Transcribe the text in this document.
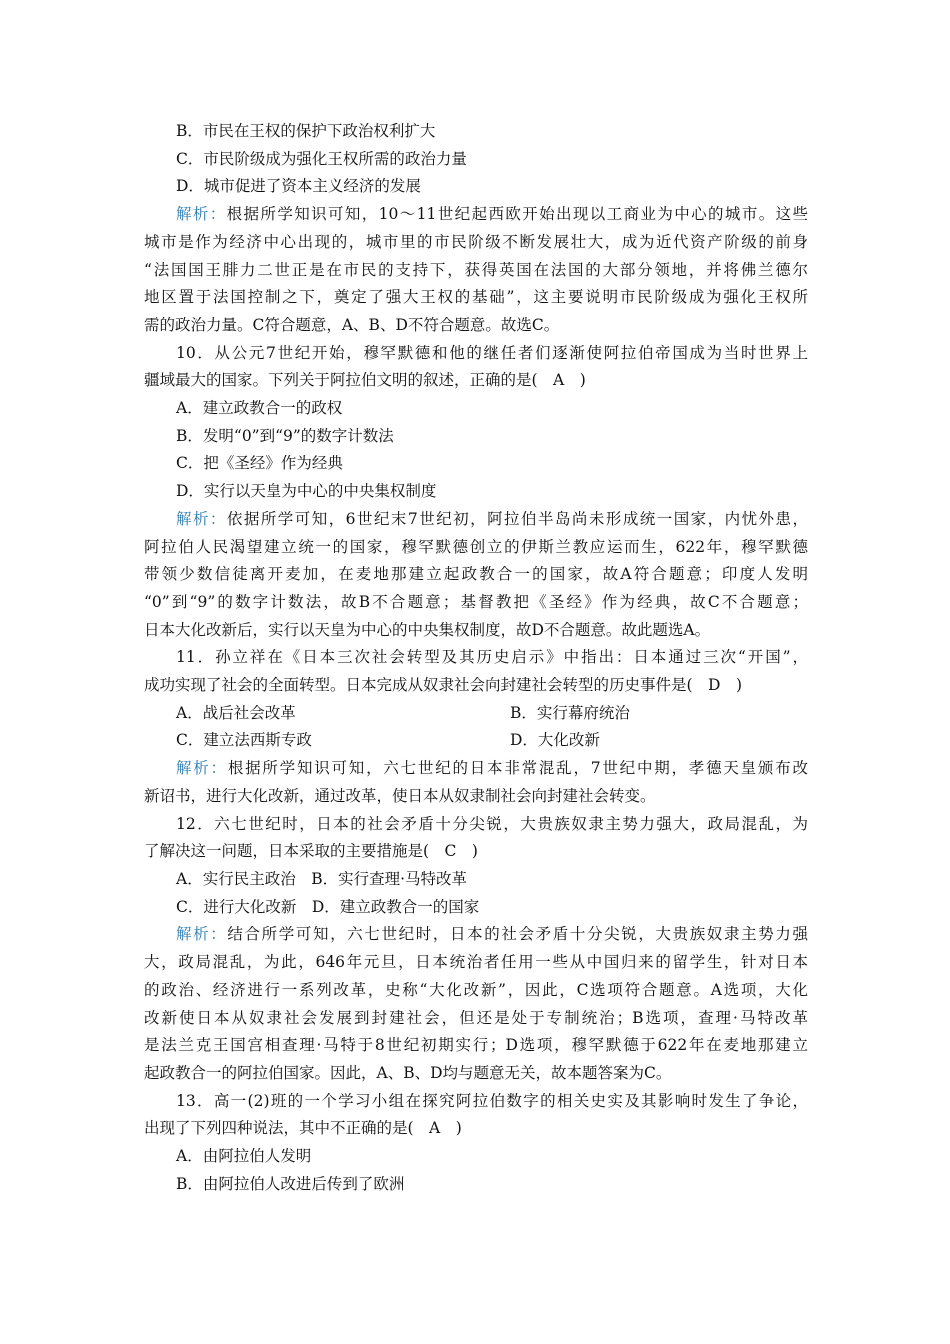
B．市民在王权的保护下政治权利扩大
C．市民阶级成为强化王权所需的政治力量
D．城市促进了资本主义经济的发展
解析：根据所学知识可知，10～11世纪起西欧开始出现以工商业为中心的城市。这些
城市是作为经济中心出现的，城市里的市民阶级不断发展壮大，成为近代资产阶级的前身
“法国国王腓力二世正是在市民的支持下，获得英国在法国的大部分领地，并将佛兰德尔
地区置于法国控制之下，奠定了强大王权的基础”，这主要说明市民阶级成为强化王权所
需的政治力量。C符合题意，A、B、D不符合题意。故选C。
10．从公元7世纪开始，穆罕默德和他的继任者们逐渐使阿拉伯帝国成为当时世界上
疆域最大的国家。下列关于阿拉伯文明的叙述，正确的是(　A　)
A．建立政教合一的政权
B．发明“0”到“9”的数字计数法
C．把《圣经》作为经典
D．实行以天皇为中心的中央集权制度
解析：依据所学可知，6世纪末7世纪初，阿拉伯半岛尚未形成统一国家，内忧外患，
阿拉伯人民渴望建立统一的国家，穆罕默德创立的伊斯兰教应运而生，622年，穆罕默德
带领少数信徒离开麦加，在麦地那建立起政教合一的国家，故A符合题意；印度人发明
“0”到“9”的数字计数法，故B不合题意；基督教把《圣经》作为经典，故C不合题意；
日本大化改新后，实行以天皇为中心的中央集权制度，故D不合题意。故此题选A。
11．孙立祥在《日本三次社会转型及其历史启示》中指出：日本通过三次“开国”，
成功实现了社会的全面转型。日本完成从奴隶社会向封建社会转型的历史事件是(　D　)
A．战后社会改革	B．实行幕府统治
C．建立法西斯专政	D．大化改新
解析：根据所学知识可知，六七世纪的日本非常混乱，7世纪中期，孝德天皇颁布改
新诏书，进行大化改新，通过改革，使日本从奴隶制社会向封建社会转变。
12．六七世纪时，日本的社会矛盾十分尖锐，大贵族奴隶主势力强大，政局混乱，为
了解决这一问题，日本采取的主要措施是(　C　)
A．实行民主政治　B．实行查理·马特改革
C．进行大化改新　D．建立政教合一的国家
解析：结合所学可知，六七世纪时，日本的社会矛盾十分尖锐，大贵族奴隶主势力强
大，政局混乱，为此，646年元旦，日本统治者任用一些从中国归来的留学生，针对日本
的政治、经济进行一系列改革，史称“大化改新”，因此，C选项符合题意。A选项，大化
改新使日本从奴隶社会发展到封建社会，但还是处于专制统治；B选项，查理·马特改革
是法兰克王国宫相查理·马特于8世纪初期实行；D选项，穆罕默德于622年在麦地那建立
起政教合一的阿拉伯国家。因此，A、B、D均与题意无关，故本题答案为C。
13．高一(2)班的一个学习小组在探究阿拉伯数字的相关史实及其影响时发生了争论，
出现了下列四种说法，其中不正确的是(　A　)
A．由阿拉伯人发明
B．由阿拉伯人改进后传到了欧洲
